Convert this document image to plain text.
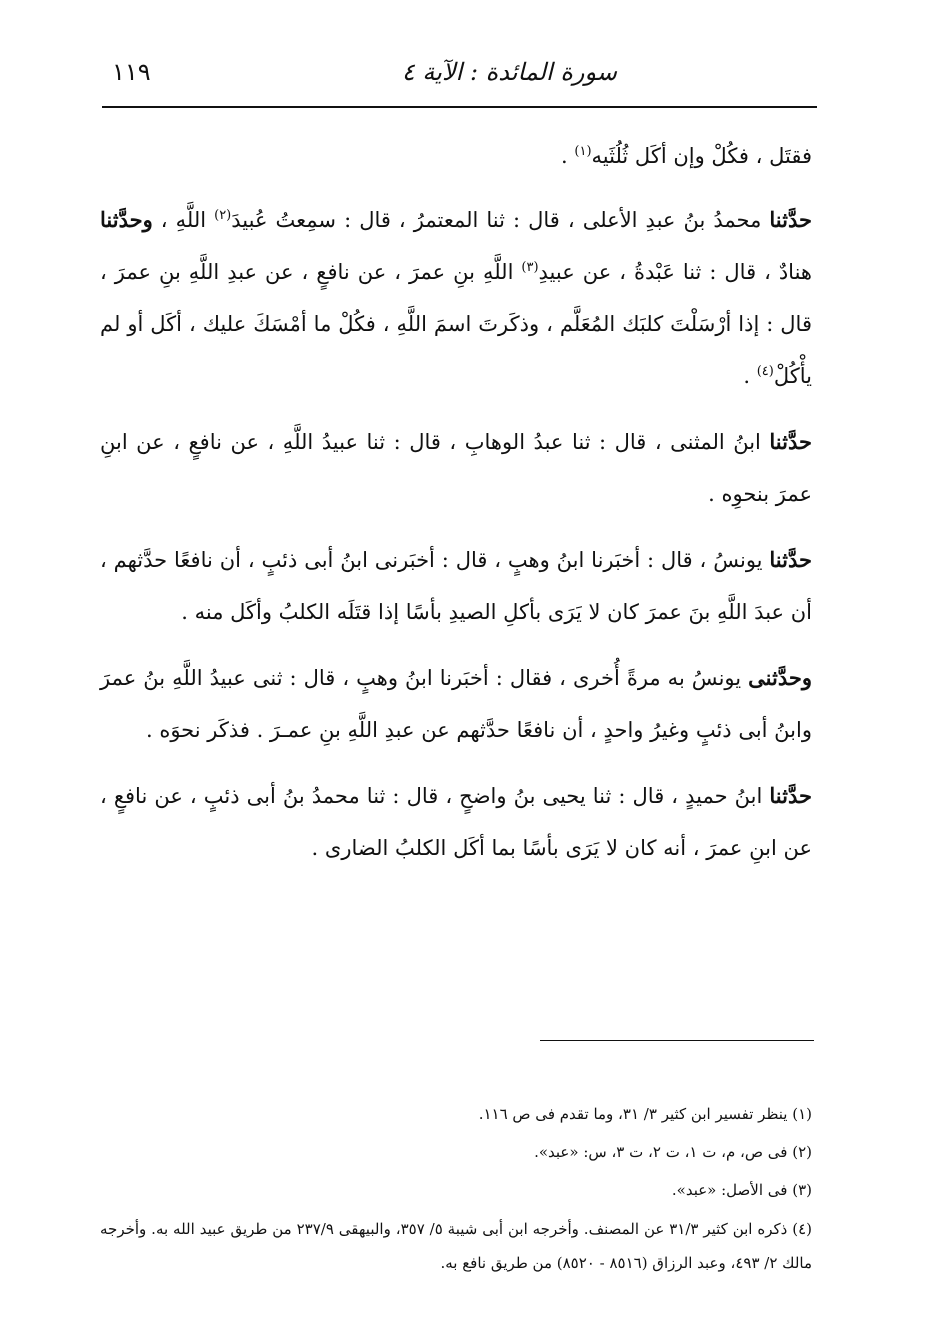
سورة المائدة : الآية ٤
١١٩

فقتَل ، فكُلْ وإن أكَل ثُلُثَيه$^{(١)}$ .

حدَّثنا محمدُ بنُ عبدِ الأعلى ، قال : ثنا المعتمرُ ، قال : سمِعتُ عُبيدَ$^{(٢)}$ اللَّهِ ، وحدَّثنا هنادٌ ، قال : ثنا عَبْدةُ ، عن عبيدِ$^{(٣)}$ اللَّهِ بنِ عمرَ ، عن نافعٍ ، عن عبدِ اللَّهِ بنِ عمرَ ، قال : إذا أرْسَلْتَ كلبَك المُعَلَّم ، وذكَرتَ اسمَ اللَّهِ ، فكُلْ ما أمْسَكَ عليك ، أكَل أو لم يأْكُلْ$^{(٤)}$ .

حدَّثنا ابنُ المثنى ، قال : ثنا عبدُ الوهابِ ، قال : ثنا عبيدُ اللَّهِ ، عن نافعٍ ، عن ابنِ عمرَ بنحوِه .

حدَّثنا يونسُ ، قال : أخبَرنا ابنُ وهبٍ ، قال : أخبَرنى ابنُ أبى ذئبٍ ، أن نافعًا حدَّثهم ، أن عبدَ اللَّهِ بنَ عمرَ كان لا يَرَى بأكلِ الصيدِ بأسًا إذا قتَلَه الكلبُ وأكَل منه .

وحدَّثنى يونسُ به مرةً أُخرى ، فقال : أخبَرنا ابنُ وهبٍ ، قال : ثنى عبيدُ اللَّهِ بنُ عمرَ وابنُ أبى ذئبٍ وغيرُ واحدٍ ، أن نافعًا حدَّثهم عن عبدِ اللَّهِ بنِ عمـرَ . فذكَر نحوَه .

حدَّثنا ابنُ حميدٍ ، قال : ثنا يحيى بنُ واضحٍ ، قال : ثنا محمدُ بنُ أبى ذئبٍ ، عن نافعٍ ، عن ابنِ عمرَ ، أنه كان لا يَرَى بأسًا بما أكَل الكلبُ الضارى .

(١) ينظر تفسير ابن كثير ٣/ ٣١، وما تقدم فى ص ١١٦.

(٢) فى ص، م، ت ١، ت ٢، ت ٣، س: «عبد».

(٣) فى الأصل: «عبد».

(٤) ذكره ابن كثير ٣١/٣ عن المصنف. وأخرجه ابن أبى شيبة ٥/ ٣٥٧، والبيهقى ٢٣٧/٩ من طريق عبيد الله به. وأخرجه مالك ٢/ ٤٩٣، وعبد الرزاق (٨٥١٦ - ٨٥٢٠) من طريق نافع به.
